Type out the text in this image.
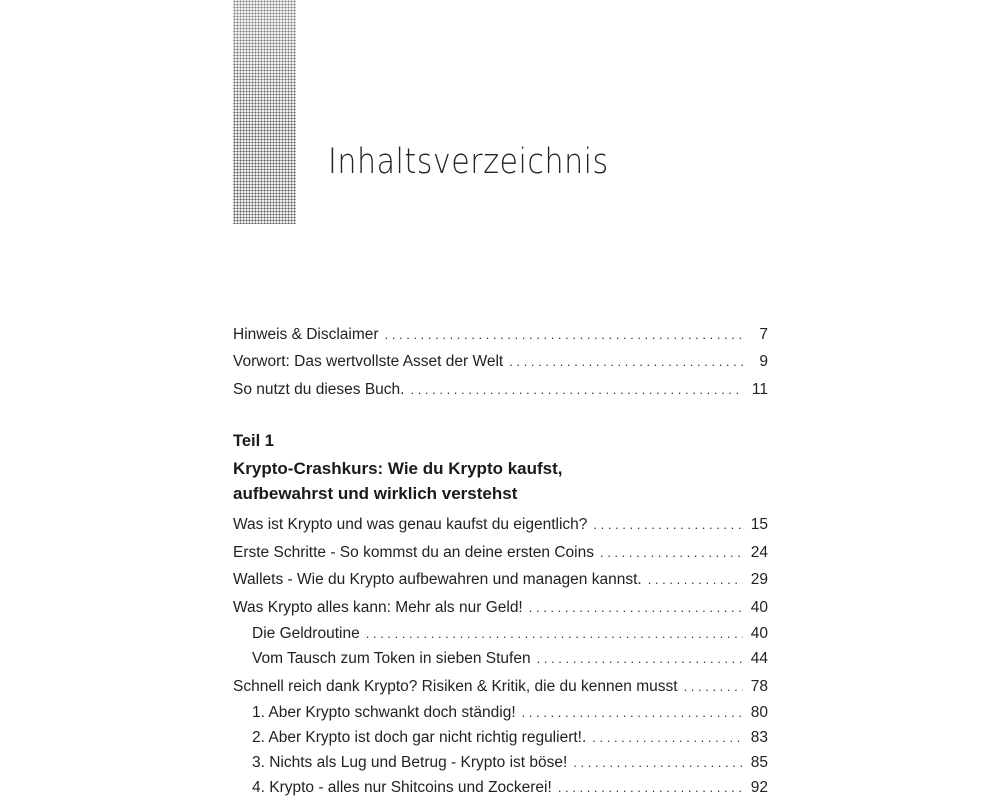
Inhaltsverzeichnis
Hinweis & Disclaimer . . .	7
Vorwort: Das wertvollste Asset der Welt . . .	9
So nutzt du dieses Buch. . . .	11
Teil 1
Krypto-Crashkurs: Wie du Krypto kaufst,
aufbewahrst und wirklich verstehst
Was ist Krypto und was genau kaufst du eigentlich? . . .	15
Erste Schritte - So kommst du an deine ersten Coins . . .	24
Wallets - Wie du Krypto aufbewahren und managen kannst. . . .	29
Was Krypto alles kann: Mehr als nur Geld! . . .	40
Die Geldroutine . . .	40
Vom Tausch zum Token in sieben Stufen . . .	44
Schnell reich dank Krypto? Risiken & Kritik, die du kennen musst . . .	78
1. Aber Krypto schwankt doch ständig! . . .	80
2. Aber Krypto ist doch gar nicht richtig reguliert!. . . .	83
3. Nichts als Lug und Betrug - Krypto ist böse! . . .	85
4. Krypto - alles nur Shitcoins und Zockerei! . . .	92
